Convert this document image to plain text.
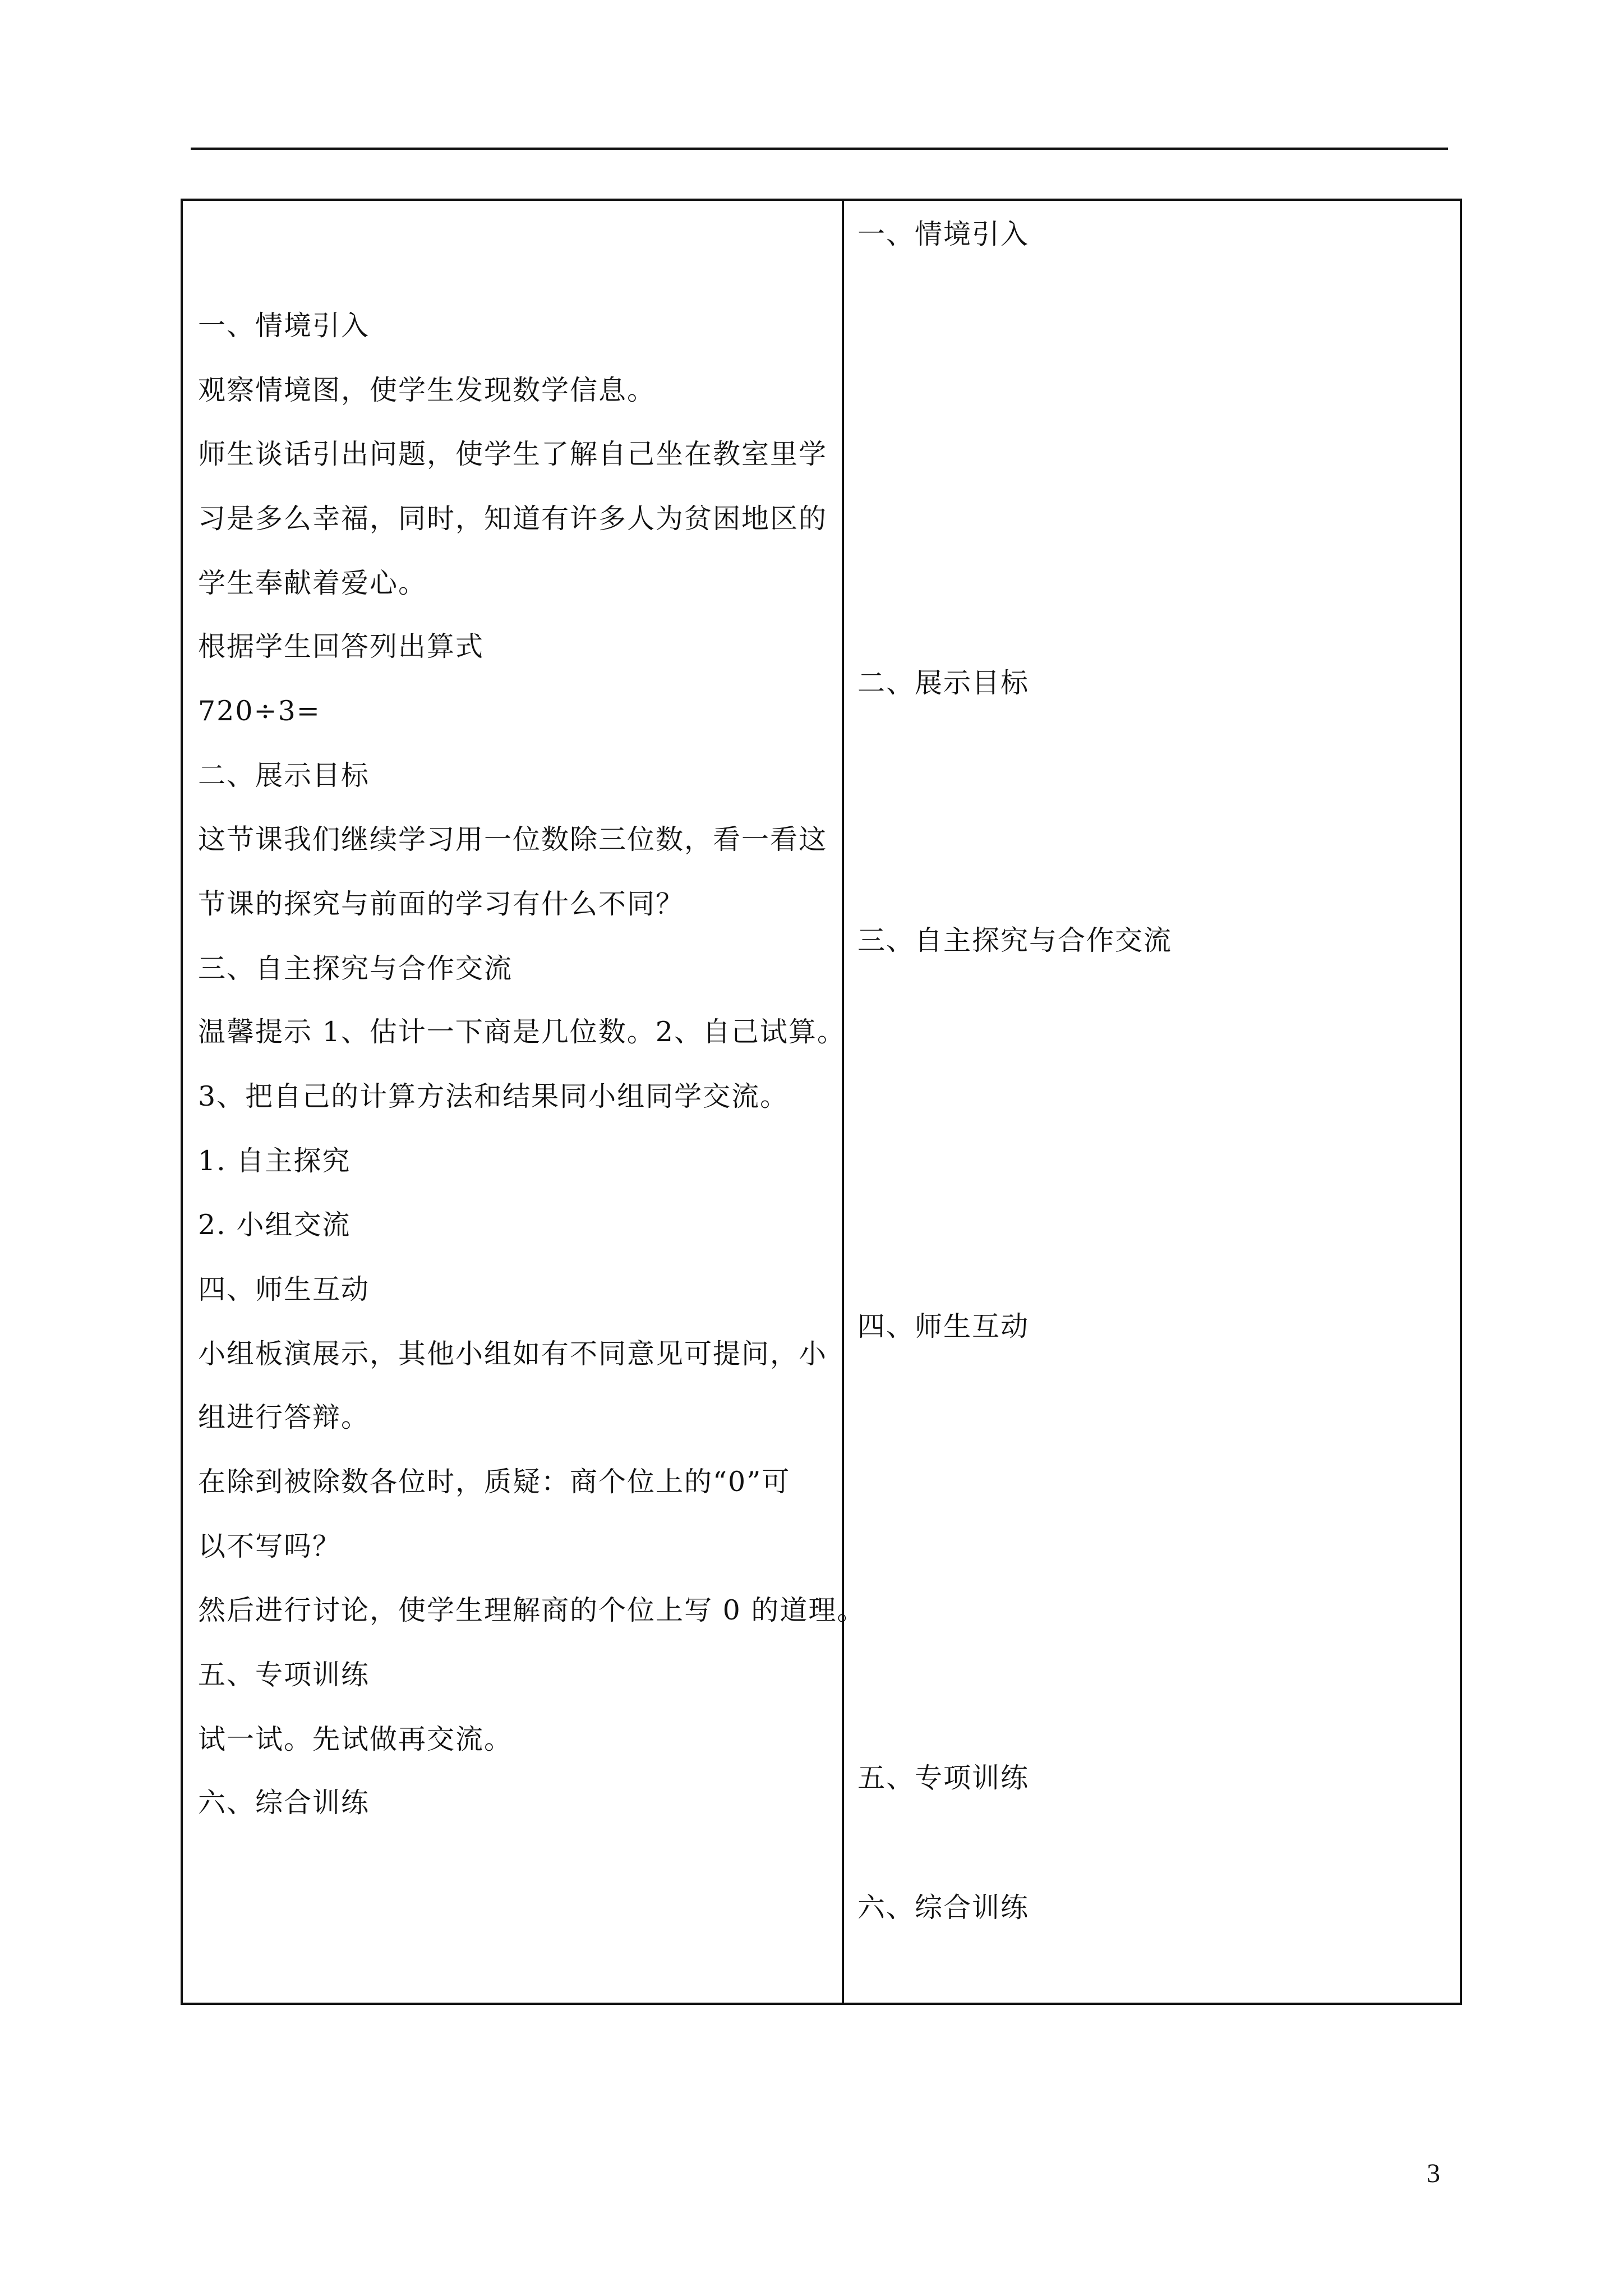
一、情境引入
观察情境图，使学生发现数学信息。
师生谈话引出问题，使学生了解自己坐在教室里学
习是多么幸福，同时，知道有许多人为贫困地区的
学生奉献着爱心。
根据学生回答列出算式
720÷3=
二、展示目标
这节课我们继续学习用一位数除三位数，看一看这
节课的探究与前面的学习有什么不同？
三、自主探究与合作交流
温馨提示 1、估计一下商是几位数。2、自己试算。
3、把自己的计算方法和结果同小组同学交流。
1. 自主探究
2. 小组交流
四、师生互动
小组板演展示，其他小组如有不同意见可提问，小
组进行答辩。
在除到被除数各位时，质疑：商个位上的“0”可
以不写吗？
然后进行讨论，使学生理解商的个位上写 0 的道理。
五、专项训练
试一试。先试做再交流。
六、综合训练
一、情境引入
二、展示目标
三、自主探究与合作交流
四、师生互动
五、专项训练
六、综合训练
3
